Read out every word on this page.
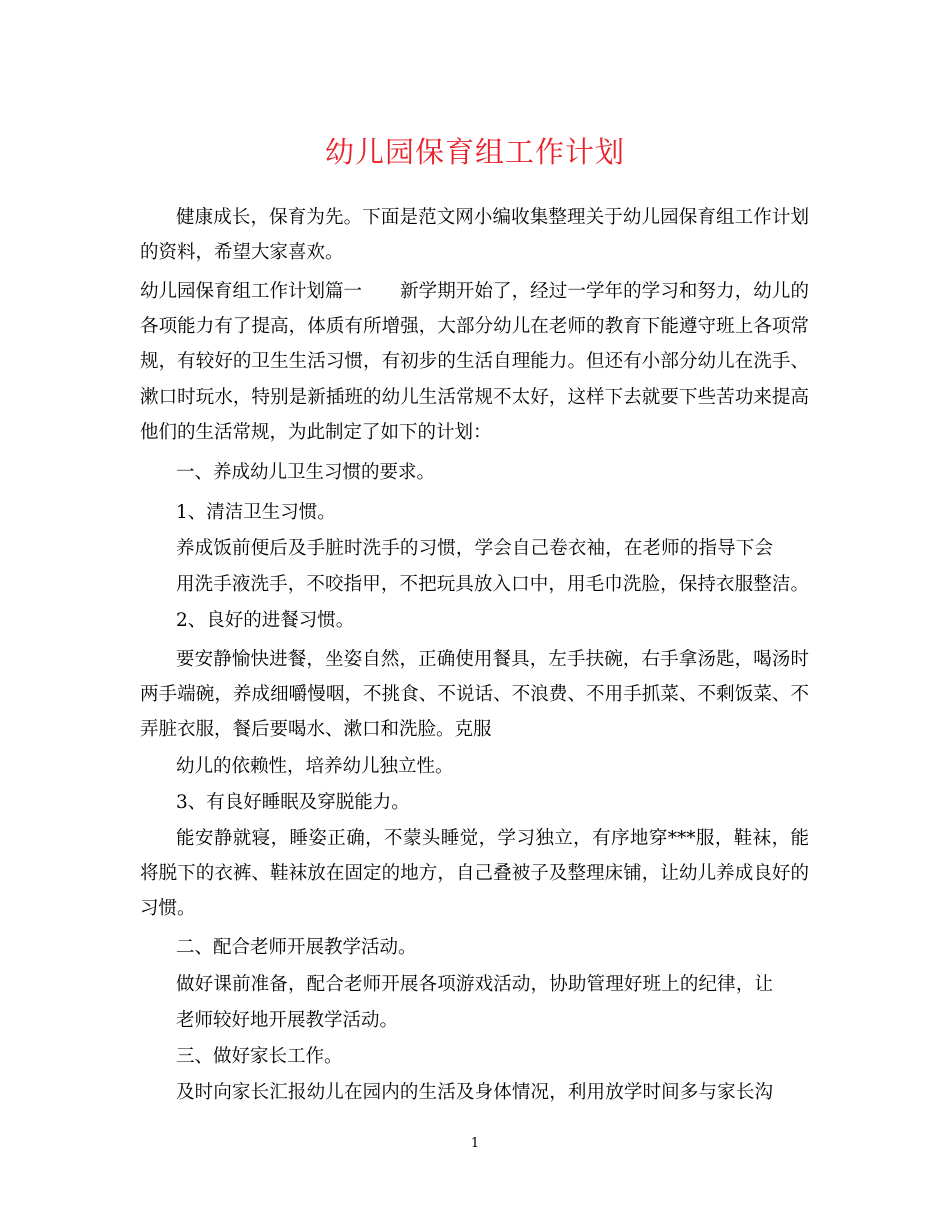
幼儿园保育组工作计划
健康成长，保育为先。下面是范文网小编收集整理关于幼儿园保育组工作计划
的资料，希望大家喜欢。
幼儿园保育组工作计划篇一 新学期开始了，经过一学年的学习和努力，幼儿的
各项能力有了提高，体质有所增强，大部分幼儿在老师的教育下能遵守班上各项常
规，有较好的卫生生活习惯，有初步的生活自理能力。但还有小部分幼儿在洗手、
漱口时玩水，特别是新插班的幼儿生活常规不太好，这样下去就要下些苦功来提高
他们的生活常规，为此制定了如下的计划：
一、养成幼儿卫生习惯的要求。
1、清洁卫生习惯。
养成饭前便后及手脏时洗手的习惯，学会自己卷衣袖，在老师的指导下会
用洗手液洗手，不咬指甲，不把玩具放入口中，用毛巾洗脸，保持衣服整洁。
2、良好的进餐习惯。
要安静愉快进餐，坐姿自然，正确使用餐具，左手扶碗，右手拿汤匙，喝汤时
两手端碗，养成细嚼慢咽，不挑食、不说话、不浪费、不用手抓菜、不剩饭菜、不
弄脏衣服，餐后要喝水、漱口和洗脸。克服
幼儿的依赖性，培养幼儿独立性。
3、有良好睡眠及穿脱能力。
能安静就寝，睡姿正确，不蒙头睡觉，学习独立，有序地穿***服，鞋袜，能
将脱下的衣裤、鞋袜放在固定的地方，自己叠被子及整理床铺，让幼儿养成良好的
习惯。
二、配合老师开展教学活动。
做好课前准备，配合老师开展各项游戏活动，协助管理好班上的纪律，让
老师较好地开展教学活动。
三、做好家长工作。
及时向家长汇报幼儿在园内的生活及身体情况，利用放学时间多与家长沟
1
